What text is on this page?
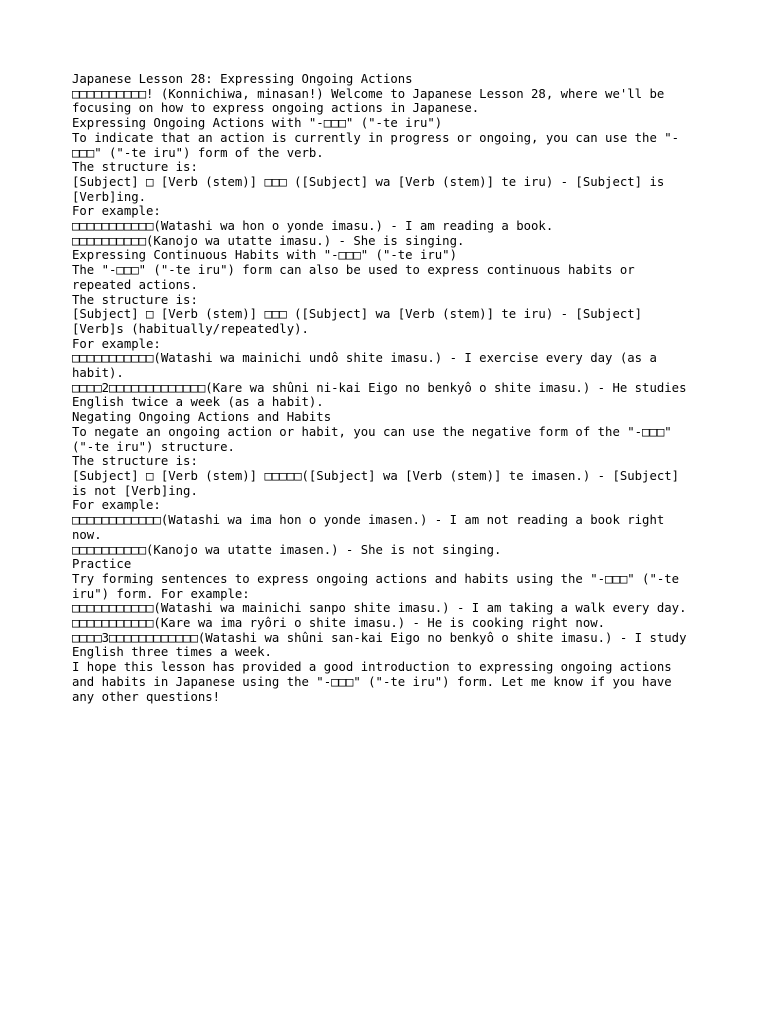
Japanese Lesson 28: Expressing Ongoing Actions

□□□□□□□□□□! (Konnichiwa, minasan!) Welcome to Japanese Lesson 28, where we'll be focusing on how to express ongoing actions in Japanese.

Expressing Ongoing Actions with "-□□□" ("-te iru")

To indicate that an action is currently in progress or ongoing, you can use the "-□□□" ("-te iru") form of the verb.

The structure is:

[Subject] □ [Verb (stem)] □□□ ([Subject] wa [Verb (stem)] te iru) - [Subject] is [Verb]ing.

For example:

□□□□□□□□□□□(Watashi wa hon o yonde imasu.) - I am reading a book.

□□□□□□□□□□(Kanojo wa utatte imasu.) - She is singing.

Expressing Continuous Habits with "-□□□" ("-te iru")

The "-□□□" ("-te iru") form can also be used to express continuous habits or repeated actions.

The structure is:

[Subject] □ [Verb (stem)] □□□ ([Subject] wa [Verb (stem)] te iru) - [Subject] [Verb]s (habitually/repeatedly).

For example:

□□□□□□□□□□□(Watashi wa mainichi undô shite imasu.) - I exercise every day (as a habit).

□□□□2□□□□□□□□□□□□□(Kare wa shûni ni-kai Eigo no benkyô o shite imasu.) - He studies English twice a week (as a habit).

Negating Ongoing Actions and Habits

To negate an ongoing action or habit, you can use the negative form of the "-□□□" ("-te iru") structure.

The structure is:

[Subject] □ [Verb (stem)] □□□□□([Subject] wa [Verb (stem)] te imasen.) - [Subject] is not [Verb]ing.

For example:

□□□□□□□□□□□□(Watashi wa ima hon o yonde imasen.) - I am not reading a book right now.

□□□□□□□□□□(Kanojo wa utatte imasen.) - She is not singing.

Practice

Try forming sentences to express ongoing actions and habits using the "-□□□" ("-te iru") form. For example:

□□□□□□□□□□□(Watashi wa mainichi sanpo shite imasu.) - I am taking a walk every day.

□□□□□□□□□□□(Kare wa ima ryôri o shite imasu.) - He is cooking right now.

□□□□3□□□□□□□□□□□□(Watashi wa shûni san-kai Eigo no benkyô o shite imasu.) - I study English three times a week.

I hope this lesson has provided a good introduction to expressing ongoing actions and habits in Japanese using the "-□□□" ("-te iru") form. Let me know if you have any other questions!
